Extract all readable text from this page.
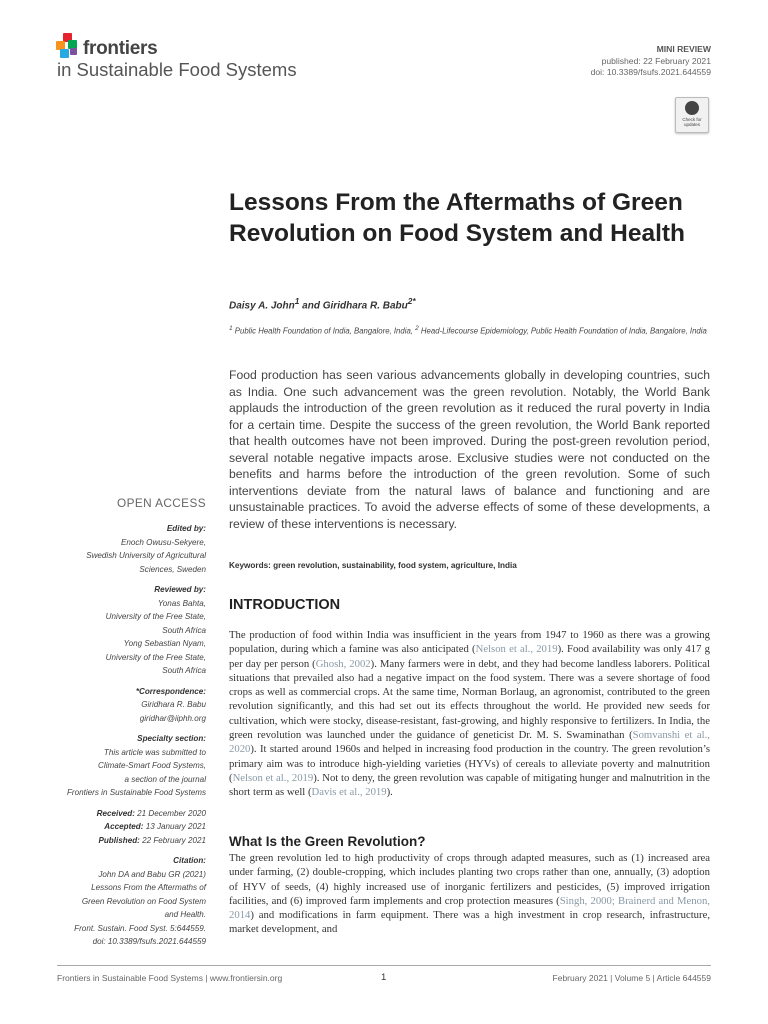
frontiers
in Sustainable Food Systems
MINI REVIEW
published: 22 February 2021
doi: 10.3389/fsufs.2021.644559
Check for updates
Lessons From the Aftermaths of Green Revolution on Food System and Health
Daisy A. John$^1$ and Giridhara R. Babu$^{2*}$
$^1$ Public Health Foundation of India, Bangalore, India, $^2$ Head-Lifecourse Epidemiology, Public Health Foundation of India, Bangalore, India
Food production has seen various advancements globally in developing countries, such as India. One such advancement was the green revolution. Notably, the World Bank applauds the introduction of the green revolution as it reduced the rural poverty in India for a certain time. Despite the success of the green revolution, the World Bank reported that health outcomes have not been improved. During the post-green revolution period, several notable negative impacts arose. Exclusive studies were not conducted on the benefits and harms before the introduction of the green revolution. Some of such interventions deviate from the natural laws of balance and functioning and are unsustainable practices. To avoid the adverse effects of some of these developments, a review of these interventions is necessary.
Keywords: green revolution, sustainability, food system, agriculture, India
INTRODUCTION
The production of food within India was insufficient in the years from 1947 to 1960 as there was a growing population, during which a famine was also anticipated (Nelson et al., 2019). Food availability was only 417 g per day per person (Ghosh, 2002). Many farmers were in debt, and they had become landless laborers. Political situations that prevailed also had a negative impact on the food system. There was a severe shortage of food crops as well as commercial crops. At the same time, Norman Borlaug, an agronomist, contributed to the green revolution significantly, and this had set out its effects throughout the world. He provided new seeds for cultivation, which were stocky, disease-resistant, fast-growing, and highly responsive to fertilizers. In India, the green revolution was launched under the guidance of geneticist Dr. M. S. Swaminathan (Somvanshi et al., 2020). It started around 1960s and helped in increasing food production in the country. The green revolution’s primary aim was to introduce high-yielding varieties (HYVs) of cereals to alleviate poverty and malnutrition (Nelson et al., 2019). Not to deny, the green revolution was capable of mitigating hunger and malnutrition in the short term as well (Davis et al., 2019).
What Is the Green Revolution?
The green revolution led to high productivity of crops through adapted measures, such as (1) increased area under farming, (2) double-cropping, which includes planting two crops rather than one, annually, (3) adoption of HYV of seeds, (4) highly increased use of inorganic fertilizers and pesticides, (5) improved irrigation facilities, and (6) improved farm implements and crop protection measures (Singh, 2000; Brainerd and Menon, 2014) and modifications in farm equipment. There was a high investment in crop research, infrastructure, market development, and
OPEN ACCESS
Edited by:
Enoch Owusu-Sekyere,
Swedish University of Agricultural
Sciences, Sweden
Reviewed by:
Yonas Bahta,
University of the Free State,
South Africa
Yong Sebastian Nyam,
University of the Free State,
South Africa
*Correspondence:
Giridhara R. Babu
giridhar@iiphh.org
Specialty section:
This article was submitted to
Climate-Smart Food Systems,
a section of the journal
Frontiers in Sustainable Food Systems
Received: 21 December 2020
Accepted: 13 January 2021
Published: 22 February 2021
Citation:
John DA and Babu GR (2021)
Lessons From the Aftermaths of
Green Revolution on Food System
and Health.
Front. Sustain. Food Syst. 5:644559.
doi: 10.3389/fsufs.2021.644559
Frontiers in Sustainable Food Systems | www.frontiersin.org	1	February 2021 | Volume 5 | Article 644559
